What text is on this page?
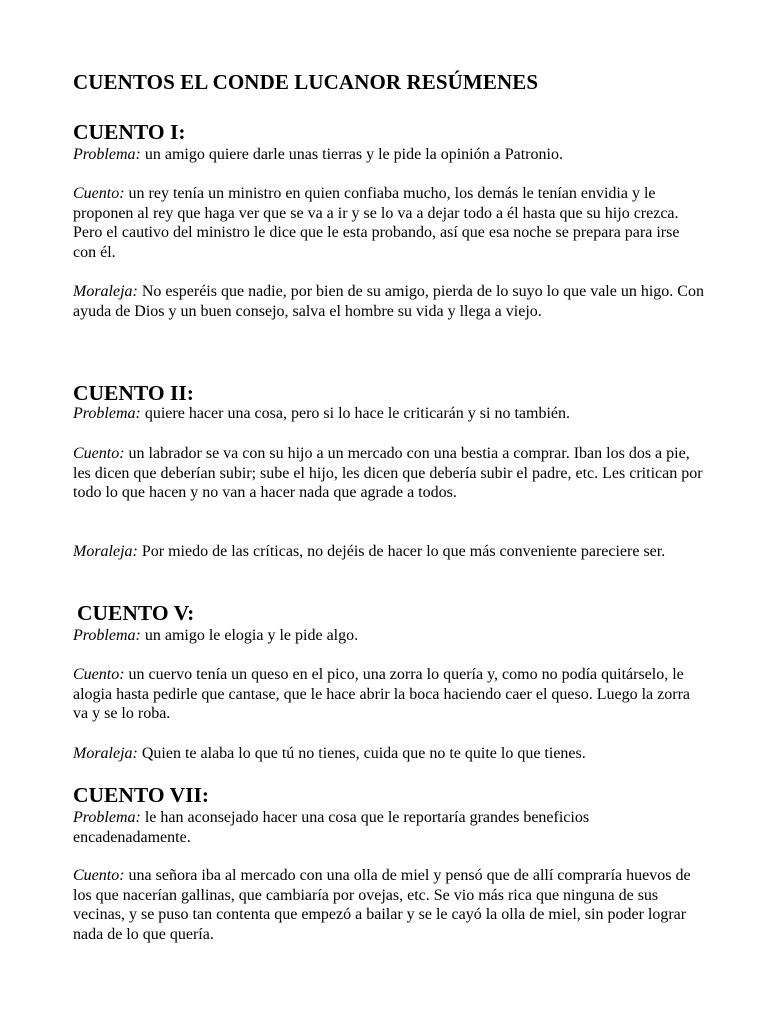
CUENTOS EL CONDE LUCANOR RESÚMENES
CUENTO I:

Problema: un amigo quiere darle unas tierras y le pide la opinión a Patronio.

Cuento: un rey tenía un ministro en quien confiaba mucho, los demás le tenían envidia y le proponen al rey que haga ver que se va a ir y se lo va a dejar todo a él hasta que su hijo crezca. Pero el cautivo del ministro le dice que le esta probando, así que esa noche se prepara para irse con él.

Moraleja: No esperéis que nadie, por bien de su amigo, pierda de lo suyo lo que vale un higo. Con ayuda de Dios y un buen consejo, salva el hombre su vida y llega a viejo.

CUENTO II:

Problema: quiere hacer una cosa, pero si lo hace le criticarán y si no también.

Cuento: un labrador se va con su hijo a un mercado con una bestia a comprar. Iban los dos a pie, les dicen que deberían subir; sube el hijo, les dicen que debería subir el padre, etc. Les critican por todo lo que hacen y no van a hacer nada que agrade a todos.

Moraleja: Por miedo de las críticas, no dejéis de hacer lo que más conveniente pareciere ser.

CUENTO V:

Problema: un amigo le elogia y le pide algo.

Cuento: un cuervo tenía un queso en el pico, una zorra lo quería y, como no podía quitárselo, le alogia hasta pedirle que cantase, que le hace abrir la boca haciendo caer el queso. Luego la zorra va y se lo roba.

Moraleja: Quien te alaba lo que tú no tienes, cuida que no te quite lo que tienes.

CUENTO VII:

Problema: le han aconsejado hacer una cosa que le reportaría grandes beneficios encadenadamente.

Cuento: una señora iba al mercado con una olla de miel y pensó que de allí compraría huevos de los que nacerían gallinas, que cambiaría por ovejas, etc. Se vio más rica que ninguna de sus vecinas, y se puso tan contenta que empezó a bailar y se le cayó la olla de miel, sin poder lograr nada de lo que quería.
